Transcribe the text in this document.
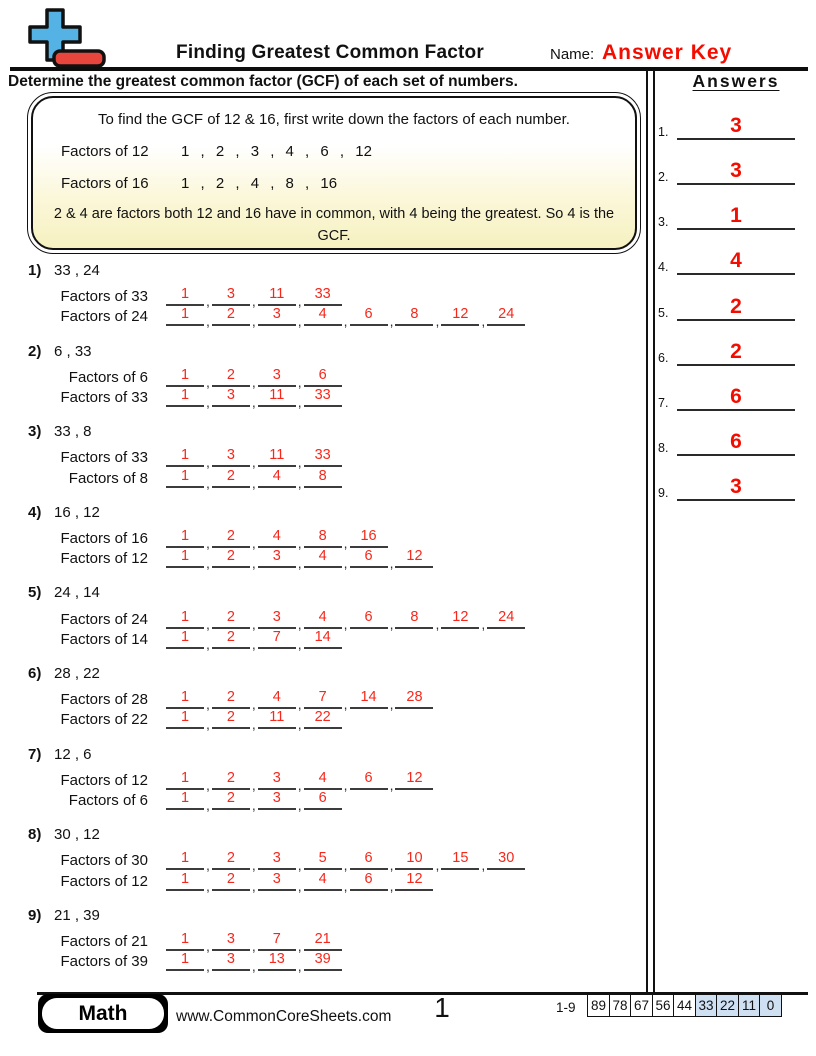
Finding Greatest Common Factor	Name: Answer Key
Determine the greatest common factor (GCF) of each set of numbers.
To find the GCF of 12 & 16, first write down the factors of each number.
Factors of 12	1 , 2 , 3 , 4 , 6 , 12
Factors of 16	1 , 2 , 4 , 8 , 16
2 & 4 are factors both 12 and 16 have in common, with 4 being the greatest. So 4 is the GCF.
1) 33 , 24
Factors of 33	1	,	3	, 11 , 33
Factors of 24	1	,	2	,	3	,	4	,	6	,	8	, 12 , 24
2) 6 , 33
Factors of 6	1	,	2	,	3	,	6
Factors of 33	1	,	3	, 11 , 33
3) 33 , 8
Factors of 33	1	,	3	, 11 , 33
Factors of 8	1	,	2	,	4	,	8
4) 16 , 12
Factors of 16	1	,	2	,	4	,	8	, 16
Factors of 12	1	,	2	,	3	,	4	,	6	, 12
5) 24 , 14
Factors of 24	1	,	2	,	3	,	4	,	6	,	8	, 12 , 24
Factors of 14	1	,	2	,	7	, 14
6) 28 , 22
Factors of 28	1	,	2	,	4	,	7	, 14 , 28
Factors of 22	1	,	2	, 11 , 22
7) 12 , 6
Factors of 12	1	,	2	,	3	,	4	,	6	, 12
Factors of 6	1	,	2	,	3	,	6
8) 30 , 12
Factors of 30	1	,	2	,	3	,	5	,	6	, 10 , 15 , 30
Factors of 12	1	,	2	,	3	,	4	,	6	, 12
9) 21 , 39
Factors of 21	1	,	3	,	7	, 21
Factors of 39	1	,	3	, 13 , 39
Answers
1.	3
2.	3
3.	1
4.	4
5.	2
6.	2
7.	6
8.	6
9.	3
Math	www.CommonCoreSheets.com	1	1-9 89 78 67 56 44 33 22 11 0
